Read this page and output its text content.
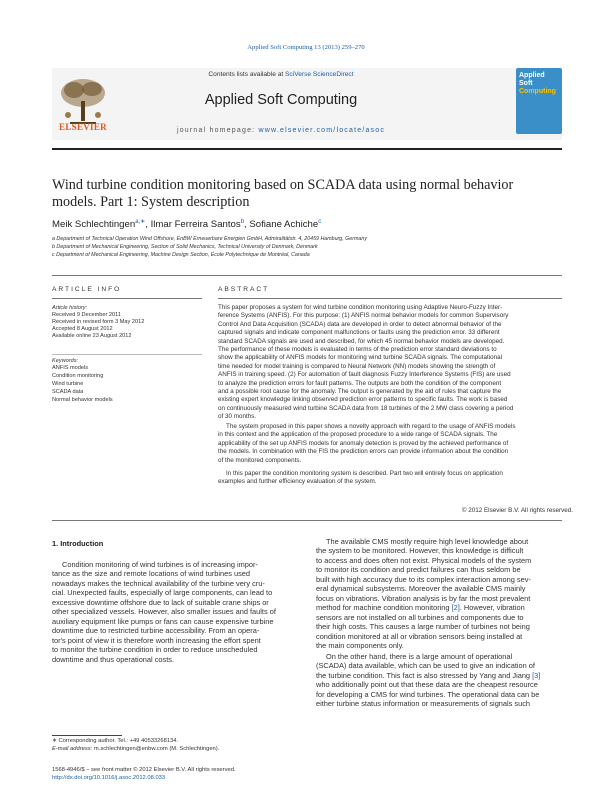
Applied Soft Computing 13 (2013) 259–270
ELSEVIER
Contents lists available at SciVerse ScienceDirect
Applied Soft Computing
journal homepage: www.elsevier.com/locate/asoc
Applied
Soft
Computing
Wind turbine condition monitoring based on SCADA data using normal behavior
models. Part 1: System description
Meik Schlechtingen$^{a,∗}$, Ilmar Ferreira Santos$^b$, Sofiane Achiche$^c$
a Department of Technical Operation Wind Offshore, EnBW Erneuerbare Energien GmbH, Admiralitätstr. 4, 20459 Hamburg, Germany
b Department of Mechanical Engineering, Section of Solid Mechanics, Technical University of Denmark, Denmark
c Department of Mechanical Engineering, Machine Design Section, École Polytechnique de Montréal, Canada
ARTICLE INFO
Article history:
Received 9 December 2011
Received in revised form 3 May 2012
Accepted 8 August 2012
Available online 23 August 2012
Keywords:
ANFIS models
Condition monitoring
Wind turbine
SCADA data
Normal behavior models
ABSTRACT
This paper proposes a system for wind turbine condition monitoring using Adaptive Neuro-Fuzzy Inter-
ference Systems (ANFIS). For this purpose: (1) ANFIS normal behavior models for common Supervisory
Control And Data Acquisition (SCADA) data are developed in order to detect abnormal behavior of the
captured signals and indicate component malfunctions or faults using the prediction error. 33 different
standard SCADA signals are used and described, for which 45 normal behavior models are developed.
The performance of these models is evaluated in terms of the prediction error standard deviations to
show the applicability of ANFIS models for monitoring wind turbine SCADA signals. The computational
time needed for model training is compared to Neural Network (NN) models showing the strength of
ANFIS in training speed. (2) For automation of fault diagnosis Fuzzy Interference Systems (FIS) are used
to analyze the prediction errors for fault patterns. The outputs are both the condition of the component
and a possible root cause for the anomaly. The output is generated by the aid of rules that capture the
existing expert knowledge linking observed prediction error patterns to specific faults. The work is based
on continuously measured wind turbine SCADA data from 18 turbines of the 2 MW class covering a period
of 30 months.
The system proposed in this paper shows a novelty approach with regard to the usage of ANFIS models
in this context and the application of the proposed procedure to a wide range of SCADA signals. The
applicability of the set up ANFIS models for anomaly detection is proved by the achieved performance of
the models. In combination with the FIS the prediction errors can provide information about the condition
of the monitored components.
In this paper the condition monitoring system is described. Part two will entirely focus on application
examples and further efficiency evaluation of the system.
© 2012 Elsevier B.V. All rights reserved.
1. Introduction
Condition monitoring of wind turbines is of increasing impor-
tance as the size and remote locations of wind turbines used
nowadays makes the technical availability of the turbine very cru-
cial. Unexpected faults, especially of large components, can lead to
excessive downtime offshore due to lack of suitable crane ships or
other specialized vessels. However, also smaller issues and faults of
auxiliary equipment like pumps or fans can cause expensive turbine
downtime due to restricted turbine accessibility. From an opera-
tor's point of view it is therefore worth increasing the effort spent
to monitor the turbine condition in order to reduce unscheduled
downtime and thus operational costs.
The available CMS mostly require high level knowledge about
the system to be monitored. However, this knowledge is difficult
to access and does often not exist. Physical models of the system
to monitor its condition and predict failures can thus seldom be
built with high accuracy due to its complex interaction among sev-
eral dynamical subsystems. Moreover the available CMS mainly
focus on vibrations. Vibration analysis is by far the most prevalent
method for machine condition monitoring [2]. However, vibration
sensors are not installed on all turbines and components due to
their high costs. This causes a large number of turbines not being
condition monitored at all or vibration sensors being installed at
the main components only.
On the other hand, there is a large amount of operational
(SCADA) data available, which can be used to give an indication of
the turbine condition. This fact is also stressed by Yang and Jiang [3]
who additionally point out that these data are the cheapest resource
for developing a CMS for wind turbines. The operational data can be
either turbine status information or measurements of signals such
∗ Corresponding author. Tel.: +49 40533268134.
E-mail address: m.schlechtingen@enbw.com (M. Schlechtingen).
1568-4946/$ – see front matter © 2012 Elsevier B.V. All rights reserved.
http://dx.doi.org/10.1016/j.asoc.2012.08.033
